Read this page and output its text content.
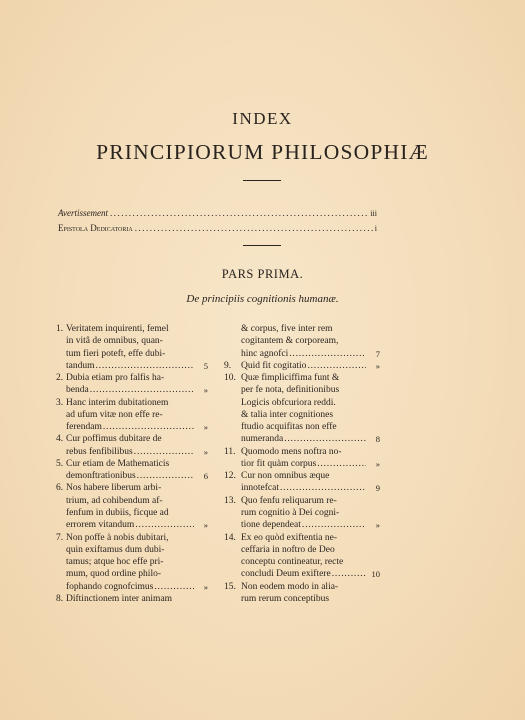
INDEX
PRINCIPIORUM PHILOSOPHIÆ
Avertissement .....	iii
Epistola Dedicatoria .....	i
PARS PRIMA.
De principiis cognitionis humanæ.
1. Veritatem inquirenti, femel
in vitâ de omnibus, quan-
tum fieri poteft, effe dubi-
tandum .....	5
2. Dubia etiam pro falfis ha-
benda .....	»
3. Hanc interim dubitationem
ad ufum vitæ non effe re-
ferendam .....	»
4. Cur poffimus dubitare de
rebus fenfibilibus .....	»
5. Cur etiam de Mathematicis
demonftrationibus .....	6
6. Nos habere liberum arbi-
trium, ad cohibendum af-
fenfum in dubiis, ficque ad
errorem vitandum .....	»
7. Non poffe à nobis dubitari,
quin exiftamus dum dubi-
tamus; atque hoc effe pri-
mum, quod ordine philo-
fophando cognofcimus .....	»
8. Diftinctionem inter animam
& corpus, five inter rem
cogitantem & corpoream,
hinc agnofci .....	7
9. Quid fit cogitatio .....	»
10. Quæ fimpliciffima funt &
per fe nota, definitionibus
Logicis obfcuriora reddi.
& talia inter cognitiones
ftudio acquifitas non effe
numeranda .....	8
11. Quomodo mens noftra no-
tior fit quàm corpus .....	»
12. Cur non omnibus æque
innotefcat .....	9
13. Quo fenfu reliquarum re-
rum cognitio à Dei cogni-
tione dependeat .....	»
14. Ex eo quòd exiftentia ne-
ceffaria in noftro de Deo
conceptu contineatur, recte
concludi Deum exiftere .....	10
15. Non eodem modo in alia-
rum rerum conceptibus
